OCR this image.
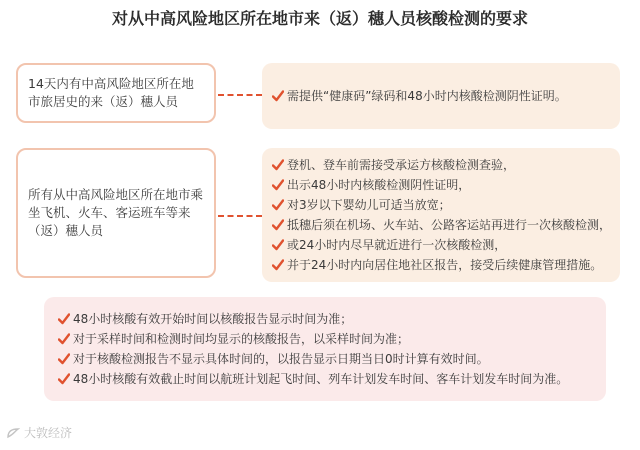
对从中高风险地区所在地市来（返）穗人员核酸检测的要求
14天内有中高风险地区所在地市旅居史的来（返）穗人员	需提供“健康码”绿码和48小时内核酸检测阴性证明。
所有从中高风险地区所在地市乘坐飞机、火车、客运班车等来（返）穗人员
登机、登车前需接受承运方核酸检测查验，
出示48小时内核酸检测阴性证明，
对3岁以下婴幼儿可适当放宽；
抵穗后须在机场、火车站、公路客运站再进行一次核酸检测，
或24小时内尽早就近进行一次核酸检测，
并于24小时内向居住地社区报告，接受后续健康管理措施。
48小时核酸有效开始时间以核酸报告显示时间为准；
对于采样时间和检测时间均显示的核酸报告，以采样时间为准；
对于核酸检测报告不显示具体时间的，以报告显示日期当日0时计算有效时间。
48小时核酸有效截止时间以航班计划起飞时间、列车计划发车时间、客车计划发车时间为准。
大敦经济
